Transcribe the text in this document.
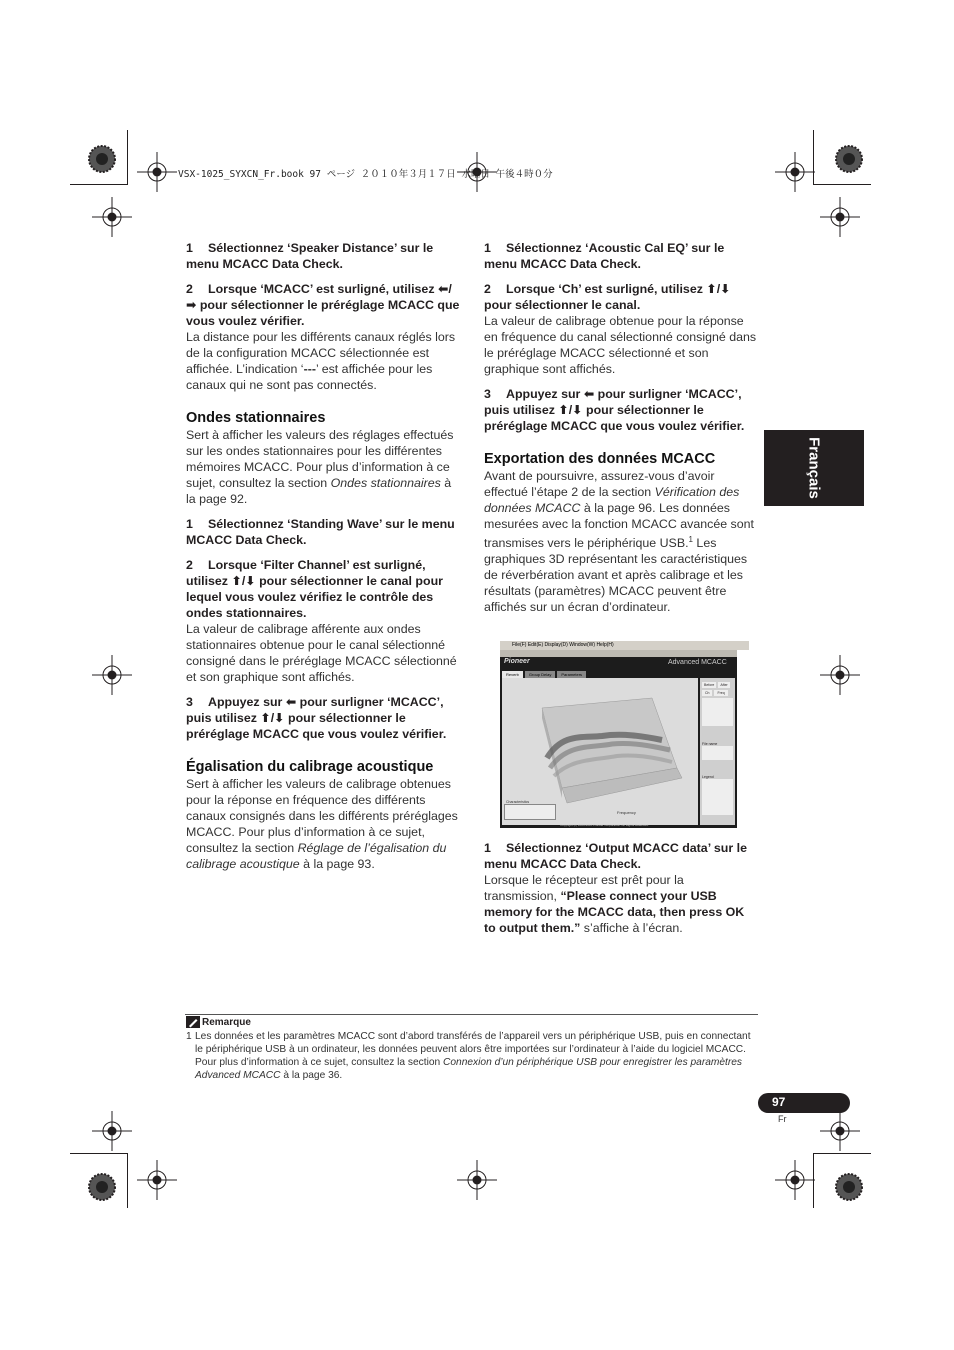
VSX-1025_SYXCN_Fr.book 97 ページ ２０１０年３月１７日 水曜日 午後４時０分

1 Sélectionnez ‘Speaker Distance’ sur le menu MCACC Data Check.

2 Lorsque ‘MCACC’ est surligné, utilisez ⬅/➡ pour sélectionner le préréglage MCACC que vous voulez vérifier.

La distance pour les différents canaux réglés lors de la configuration MCACC sélectionnée est affichée. L’indication ‘---’ est affichée pour les canaux qui ne sont pas connectés.

Ondes stationnaires

Sert à afficher les valeurs des réglages effectués sur les ondes stationnaires pour les différentes mémoires MCACC. Pour plus d’information à ce sujet, consultez la section Ondes stationnaires à la page 92.

1 Sélectionnez ‘Standing Wave’ sur le menu MCACC Data Check.

2 Lorsque ‘Filter Channel’ est surligné, utilisez ⬆/⬇ pour sélectionner le canal pour lequel vous voulez vérifiez le contrôle des ondes stationnaires.

La valeur de calibrage afférente aux ondes stationnaires obtenue pour le canal sélectionné consigné dans le préréglage MCACC sélectionné et son graphique sont affichés.

3 Appuyez sur ⬅ pour surligner ‘MCACC’, puis utilisez ⬆/⬇ pour sélectionner le préréglage MCACC que vous voulez vérifier.

Égalisation du calibrage acoustique

Sert à afficher les valeurs de calibrage obtenues pour la réponse en fréquence des différents canaux consignés dans les différents préréglages MCACC. Pour plus d’information à ce sujet, consultez la section Réglage de l’égalisation du calibrage acoustique à la page 93.

1 Sélectionnez ‘Acoustic Cal EQ’ sur le menu MCACC Data Check.

2 Lorsque ‘Ch’ est surligné, utilisez ⬆/⬇ pour sélectionner le canal.

La valeur de calibrage obtenue pour la réponse en fréquence du canal sélectionné consigné dans le préréglage MCACC sélectionné et son graphique sont affichés.

3 Appuyez sur ⬅ pour surligner ‘MCACC’, puis utilisez ⬆/⬇ pour sélectionner le préréglage MCACC que vous voulez vérifier.

Exportation des données MCACC

Avant de poursuivre, assurez-vous d’avoir effectué l’étape 2 de la section Vérification des données MCACC à la page 96. Les données mesurées avec la fonction MCACC avancée sont transmises vers le périphérique USB.$^1$ Les graphiques 3D représentant les caractéristiques de réverbération avant et après calibrage et les résultats (paramètres) MCACC peuvent être affichés sur un écran d’ordinateur.

File(F) Edit(E) Display(D) Window(W) Help(H)
Pioneer	Advanced MCACC
Reverb	Group Delay	Parameters
Frequency
Characteristics
Before	After
Ch	Freq
File name
Legend
Copyright (c) 2003-2010 Pioneer Corporation. All Rights Reserved.

1 Sélectionnez ‘Output MCACC data’ sur le menu MCACC Data Check.

Lorsque le récepteur est prêt pour la transmission, “Please connect your USB memory for the MCACC data, then press OK to output them.” s’affiche à l’écran.

Français
Remarque
1 Les données et les paramètres MCACC sont d’abord transférés de l’appareil vers un périphérique USB, puis en connectant le périphérique USB à un ordinateur, les données peuvent alors être importées sur l’ordinateur à l’aide du logiciel MCACC. Pour plus d’information à ce sujet, consultez la section Connexion d’un périphérique USB pour enregistrer les paramètres Advanced MCACC à la page 36.
97
Fr
